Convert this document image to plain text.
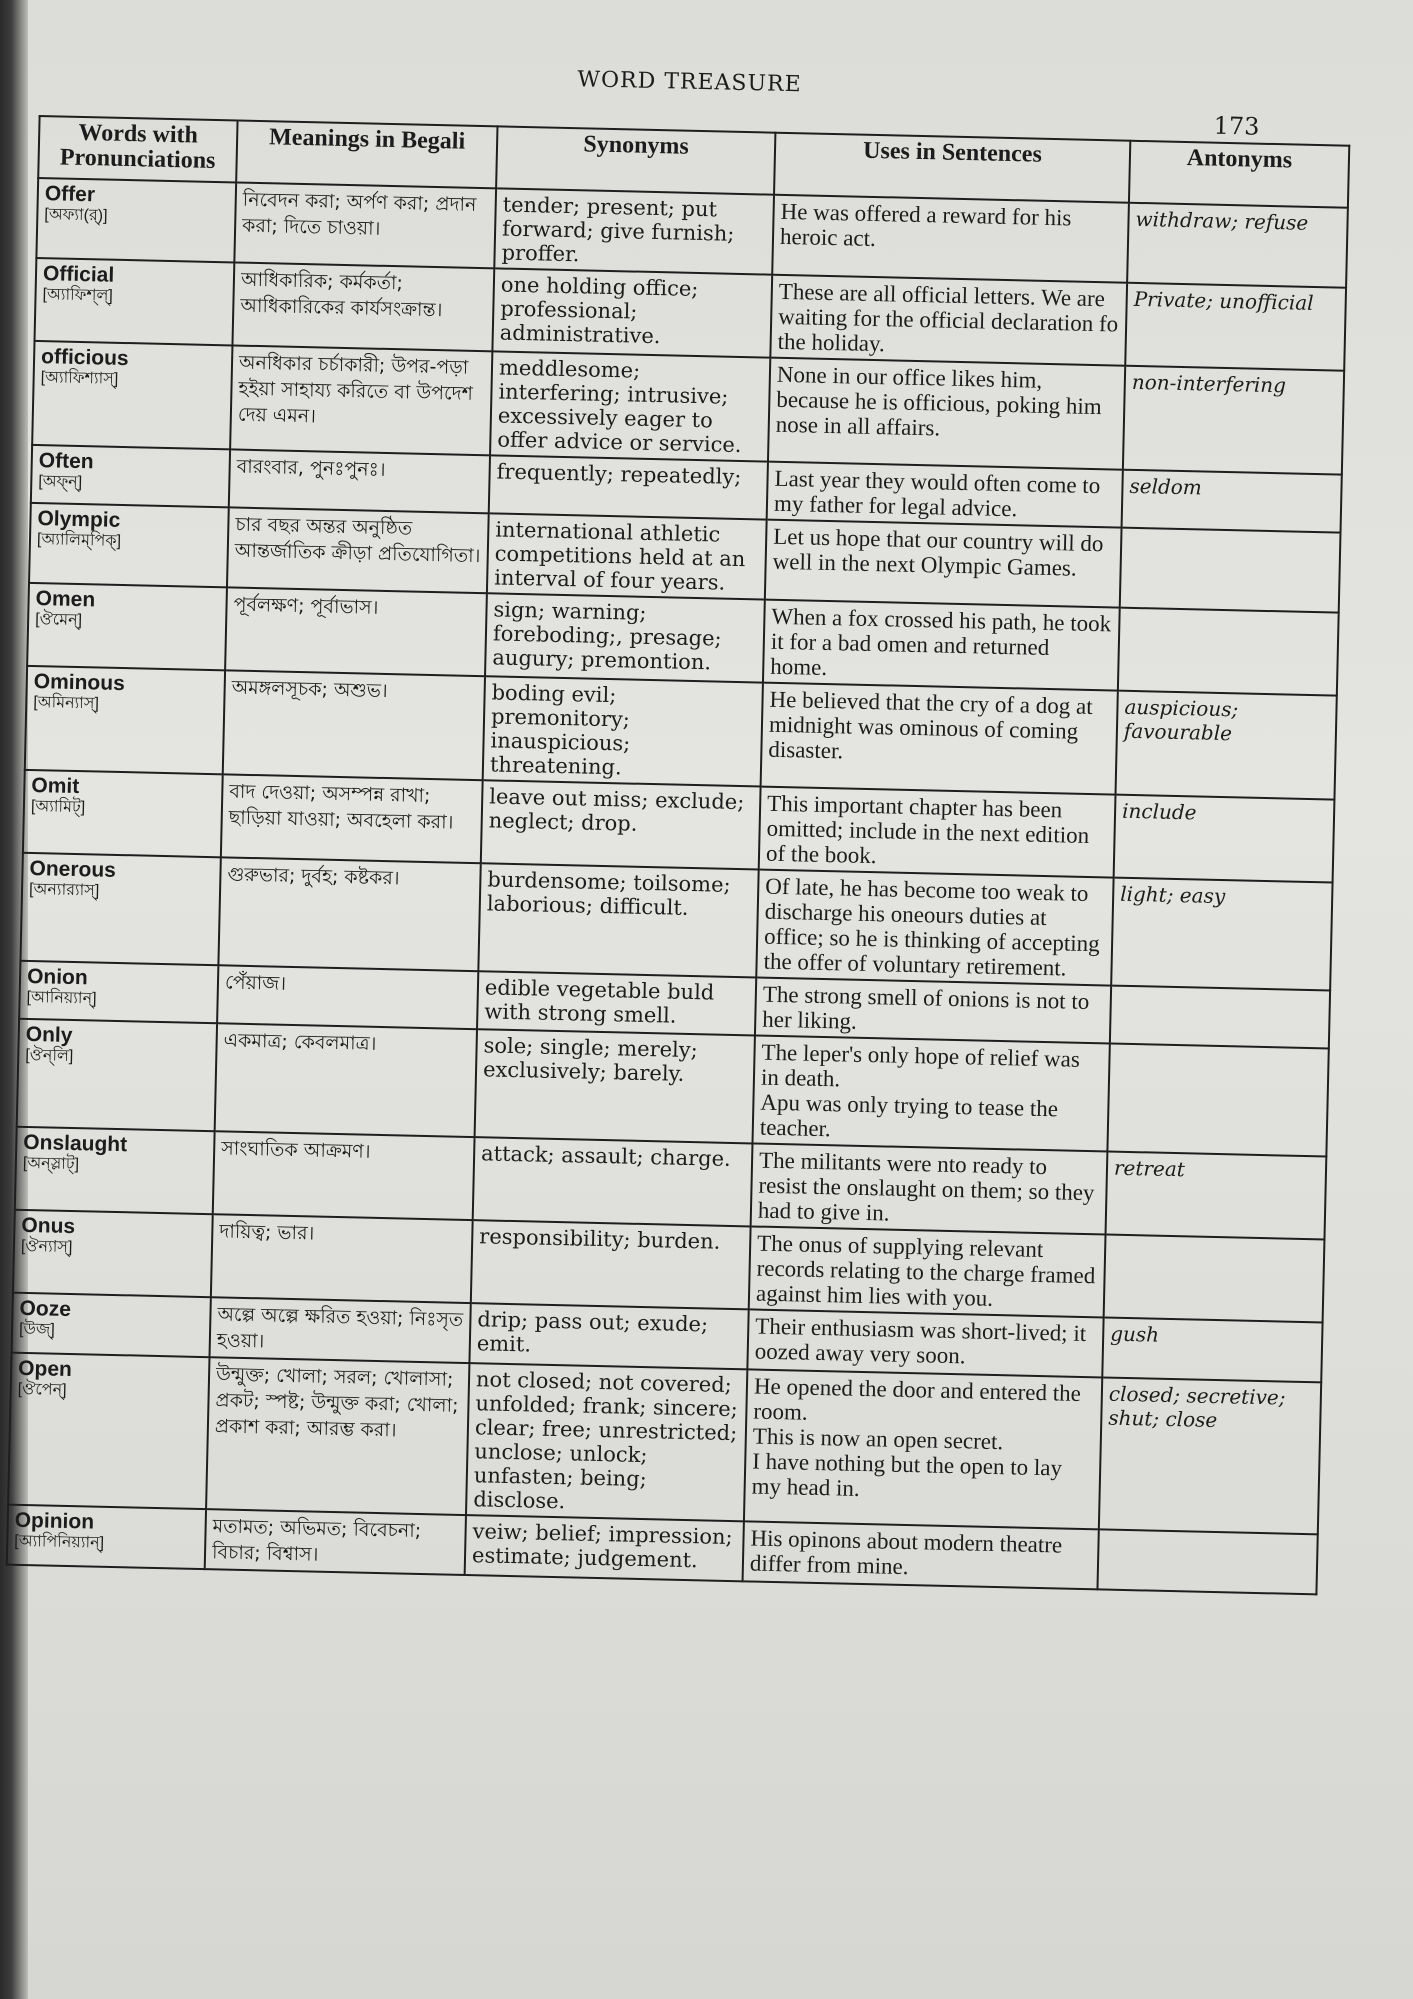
WORD TREASURE
173
Words with Pronunciations	Meanings in Begali	Synonyms	Uses in Sentences	Antonyms

Offer
[অফ্যা(র্)]	নিবেদন করা; অর্পণ করা; প্রদান করা; দিতে চাওয়া।	tender; present; put forward; give furnish; proffer.	He was offered a reward for his heroic act.	withdraw; refuse

Official
[অ্যাফিশ্‌ল্]	আধিকারিক; কর্মকর্তা; আধিকারিকের কার্যসংক্রান্ত।	one holding office; professional; administrative.	These are all official letters. We are waiting for the official declaration fo the holiday.	Private; unofficial

officious
[অ্যাফিশ্যাস্]	অনধিকার চর্চাকারী; উপর-পড়া হইয়া সাহায্য করিতে বা উপদেশ দেয় এমন।	meddlesome; interfering; intrusive; excessively eager to offer advice or service.	None in our office likes him, because he is officious, poking him nose in all affairs.	non-interfering

Often
[অফ্‌ন্]	বারংবার, পুনঃপুনঃ।	frequently; repeatedly;	Last year they would often come to my father for legal advice.	seldom

Olympic
[অ্যালিম্‌পিক্]	চার বছর অন্তর অনুষ্ঠিত আন্তর্জাতিক ক্রীড়া প্রতিযোগিতা।	international athletic competitions held at an interval of four years.	Let us hope that our country will do well in the next Olympic Games.	

Omen
[ঔমেন্]	পূর্বলক্ষণ; পূর্বাভাস।	sign; warning; foreboding;, presage; augury; premontion.	When a fox crossed his path, he took it for a bad omen and returned home.	

Ominous
[অমিন্যাস্]	অমঙ্গলসূচক; অশুভ।	boding evil; premonitory; inauspicious; threatening.	He believed that the cry of a dog at midnight was ominous of coming disaster.	auspicious; favourable

Omit
[অ্যামিট্]	বাদ দেওয়া; অসম্পন্ন রাখা; ছাড়িয়া যাওয়া; অবহেলা করা।	leave out miss; exclude; neglect; drop.	This important chapter has been omitted; include in the next edition of the book.	include

Onerous
[অন্যার‍্যাস্]	গুরুভার; দুর্বহ; কষ্টকর।	burdensome; toilsome; laborious; difficult.	Of late, he has become too weak to discharge his oneours duties at office; so he is thinking of accepting the offer of voluntary retirement.	light; easy

Onion
[আনিয়্যান্]	পেঁয়াজ।	edible vegetable buld with strong smell.	The strong smell of onions is not to her liking.	

Only
[ঔন্‌লি]	একমাত্র; কেবলমাত্র।	sole; single; merely; exclusively; barely.	The leper's only hope of relief was in death.
Apu was only trying to tease the teacher.	

Onslaught
[অন্‌স্লাট্]	সাংঘাতিক আক্রমণ।	attack; assault; charge.	The militants were nto ready to resist the onslaught on them; so they had to give in.	retreat

Onus
[ঔন্যাস্]	দায়িত্ব; ভার।	responsibility; burden.	The onus of supplying relevant records relating to the charge framed against him lies with you.	

Ooze
[উজ্]	অল্পে অল্পে ক্ষরিত হওয়া; নিঃসৃত হওয়া।	drip; pass out; exude; emit.	Their enthusiasm was short-lived; it oozed away very soon.	gush

Open
[ঔপেন্]	উন্মুক্ত; খোলা; সরল; খোলাসা; প্রকট; স্পষ্ট; উন্মুক্ত করা; খোলা; প্রকাশ করা; আরম্ভ করা।	not closed; not covered; unfolded; frank; sincere; clear; free; unrestricted; unclose; unlock; unfasten; being; disclose.	He opened the door and entered the room.
This is now an open secret.
I have nothing but the open to lay my head in.	closed; secretive; shut; close

Opinion
[অ্যাপিনিয়্যান্]	মতামত; অভিমত; বিবেচনা; বিচার; বিশ্বাস।	veiw; belief; impression; estimate; judgement.	His opinons about modern theatre differ from mine.	
